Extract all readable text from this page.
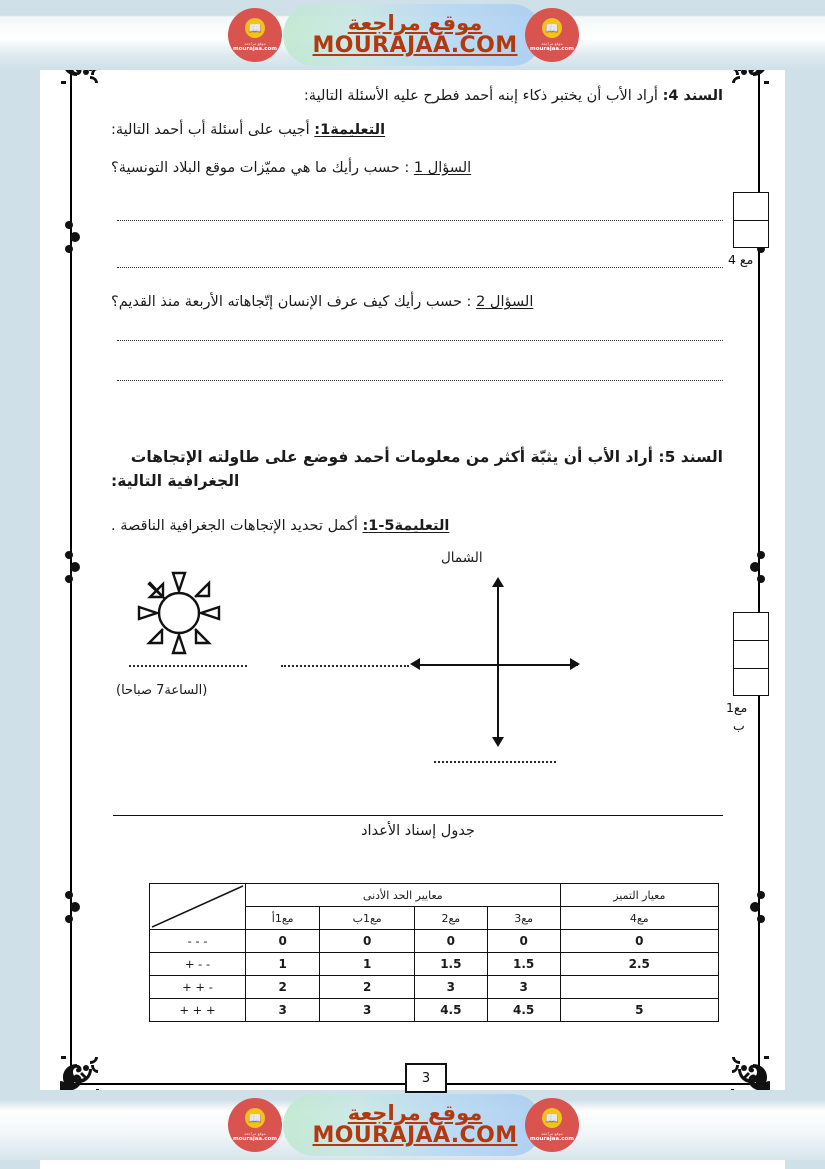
السند 4: أراد الأب أن يختبر ذكاء إبنه أحمد فطرح عليه الأسئلة التالية:
التعليمة1: أجيب على أسئلة أب أحمد التالية:
السؤال 1 : حسب رأيك ما هي مميّزات موقع البلاد التونسية؟
السؤال 2 : حسب رأيك كيف عرف الإنسان إتّجاهاته الأربعة منذ القديم؟
السند 5: أراد الأب أن يثبّة أكثر من معلومات أحمد فوضع على طاولته الإتجاهات
الجغرافية التالية:
التعليمة5-1: أكمل تحديد الإتجاهات الجغرافية الناقصة .
الشمال
(الساعة7 صباحا)
جدول إسناد الأعداد
معيار التميز	معايير الحد الأدنى	

مع4	مع3	مع2	مع1ب	مع1أ	
0	0	0	0	0	- - -
2.5	1.5	1.5	1	1	- - +
	3	3	2	2	- + +
5	4.5	4.5	3	3	+ + +
مع 4
مع1
ب
3
📖
موقع مراجعة
mourajaa.com
📖
موقع مراجعة
mourajaa.com
موقع مراجعة
MOURAJAA.COM
📖
موقع مراجعة
mourajaa.com
📖
موقع مراجعة
mourajaa.com
موقع مراجعة
MOURAJAA.COM
